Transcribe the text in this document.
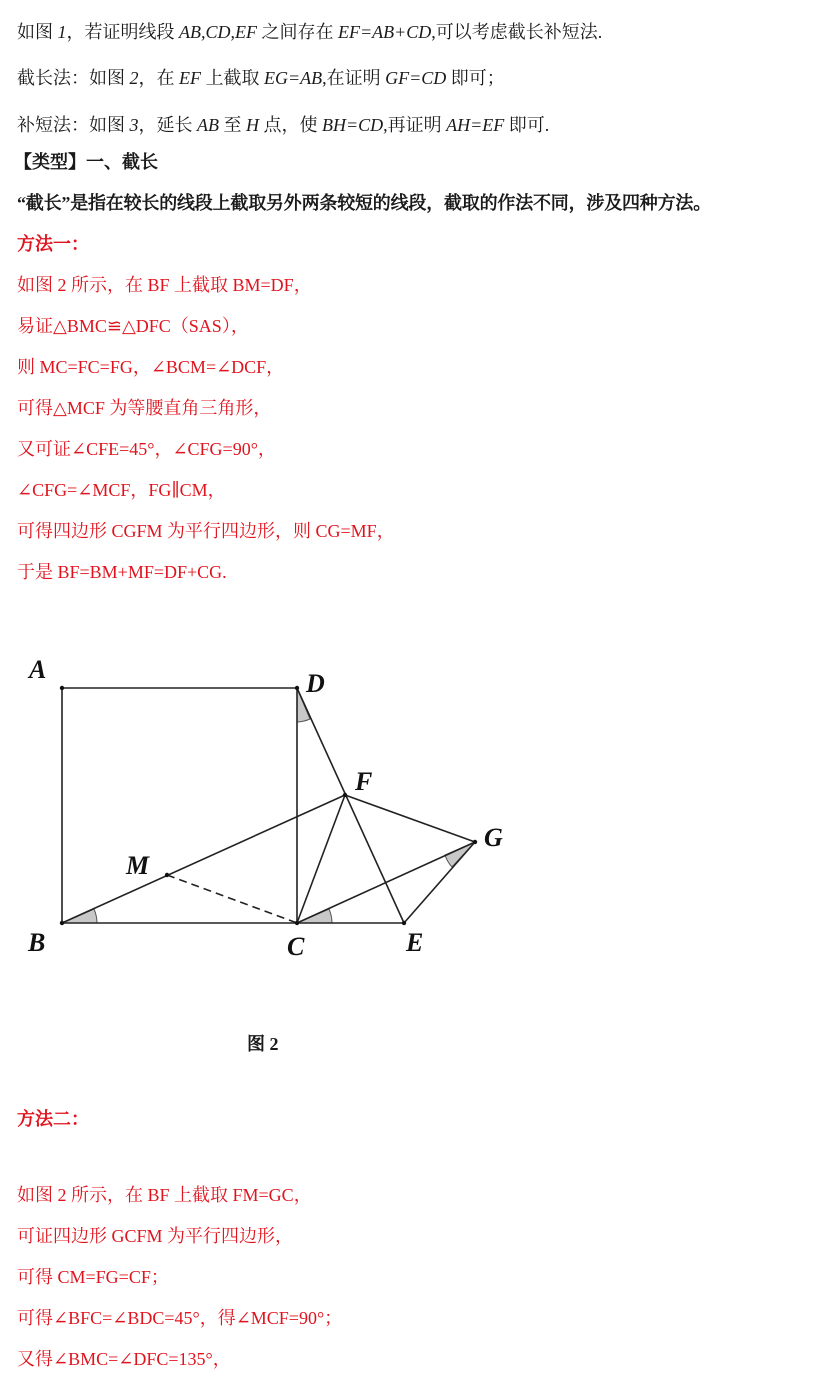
如图 1，若证明线段 AB,CD,EF 之间存在 EF=AB+CD,可以考虑截长补短法.
截长法：如图 2，在 EF 上截取 EG=AB,在证明 GF=CD 即可；
补短法：如图 3，延长 AB 至 H 点，使 BH=CD,再证明 AH=EF 即可.
【类型】一、截长
“截长”是指在较长的线段上截取另外两条较短的线段，截取的作法不同，涉及四种方法。
方法一：
如图 2 所示，在 BF 上截取 BM=DF，
易证△BMC≌△DFC（SAS），
则 MC=FC=FG，∠BCM=∠DCF，
可得△MCF 为等腰直角三角形，
又可证∠CFE=45°，∠CFG=90°，
∠CFG=∠MCF，FG∥CM，
可得四边形 CGFM 为平行四边形，则 CG=MF，
于是 BF=BM+MF=DF+CG.
A	D
F
G
M
B	C	E
图 2
方法二：
如图 2 所示，在 BF 上截取 FM=GC，
可证四边形 GCFM 为平行四边形，
可得 CM=FG=CF；
可得∠BFC=∠BDC=45°，得∠MCF=90°；
又得∠BMC=∠DFC=135°，
